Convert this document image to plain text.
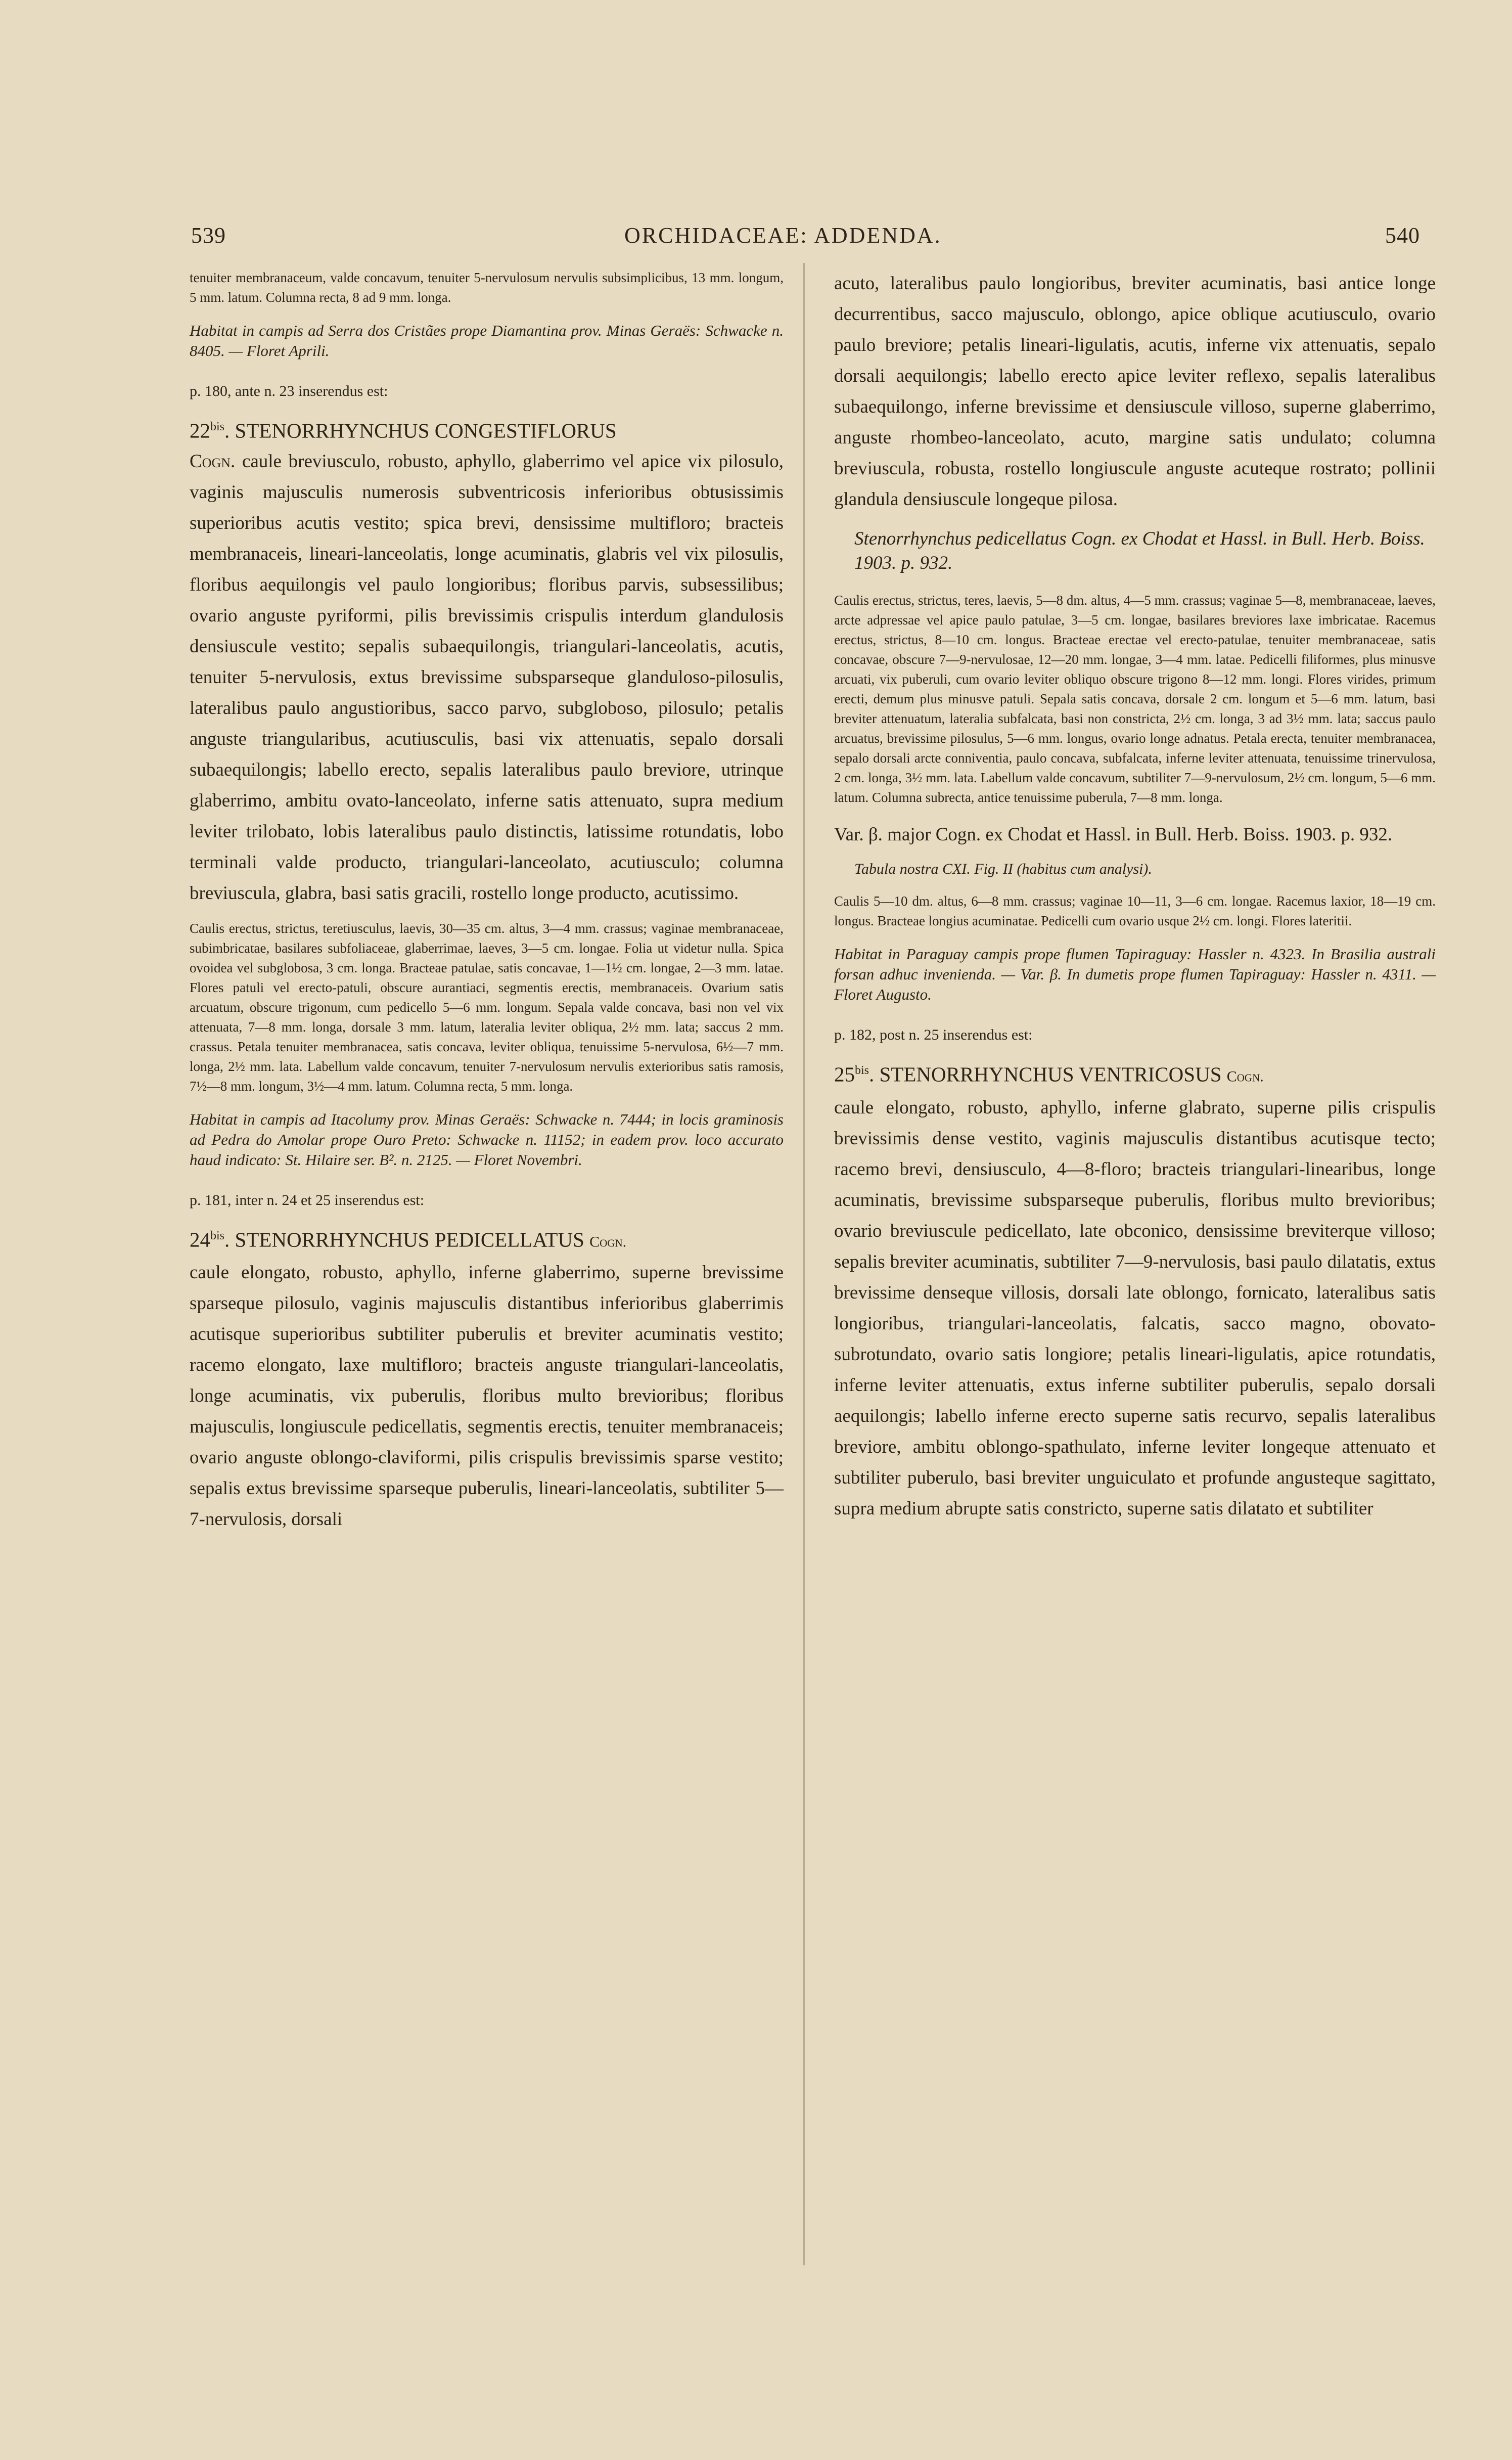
539	ORCHIDACEAE: ADDENDA.	540

tenuiter membranaceum, valde concavum, tenuiter 5-nervulosum nervulis subsimplicibus, 13 mm. longum, 5 mm. latum. Columna recta, 8 ad 9 mm. longa.

Habitat in campis ad Serra dos Cristães prope Diamantina prov. Minas Geraës: Schwacke n. 8405. — Floret Aprili.

p. 180, ante n. 23 inserendus est:

$22^{bis}$. STENORRHYNCHUS CONGESTIFLORUS

Cogn. caule breviusculo, robusto, aphyllo, glaberrimo vel apice vix pilosulo, vaginis majusculis numerosis subventricosis inferioribus obtusissimis superioribus acutis vestito; spica brevi, densissime multifloro; bracteis membranaceis, lineari-lanceolatis, longe acuminatis, glabris vel vix pilosulis, floribus aequilongis vel paulo longioribus; floribus parvis, subsessilibus; ovario anguste pyriformi, pilis brevissimis crispulis interdum glandulosis densiuscule vestito; sepalis subaequilongis, triangulari-lanceolatis, acutis, tenuiter 5-nervulosis, extus brevissime subsparseque glanduloso-pilosulis, lateralibus paulo angustioribus, sacco parvo, subgloboso, pilosulo; petalis anguste triangularibus, acutiusculis, basi vix attenuatis, sepalo dorsali subaequilongis; labello erecto, sepalis lateralibus paulo breviore, utrinque glaberrimo, ambitu ovato-lanceolato, inferne satis attenuato, supra medium leviter trilobato, lobis lateralibus paulo distinctis, latissime rotundatis, lobo terminali valde producto, triangulari-lanceolato, acutiusculo; columna breviuscula, glabra, basi satis gracili, rostello longe producto, acutissimo.

Caulis erectus, strictus, teretiusculus, laevis, 30—35 cm. altus, 3—4 mm. crassus; vaginae membranaceae, subimbricatae, basilares subfoliaceae, glaberrimae, laeves, 3—5 cm. longae. Folia ut videtur nulla. Spica ovoidea vel subglobosa, 3 cm. longa. Bracteae patulae, satis concavae, 1—1½ cm. longae, 2—3 mm. latae. Flores patuli vel erecto-patuli, obscure aurantiaci, segmentis erectis, membranaceis. Ovarium satis arcuatum, obscure trigonum, cum pedicello 5—6 mm. longum. Sepala valde concava, basi non vel vix attenuata, 7—8 mm. longa, dorsale 3 mm. latum, lateralia leviter obliqua, 2½ mm. lata; saccus 2 mm. crassus. Petala tenuiter membranacea, satis concava, leviter obliqua, tenuissime 5-nervulosa, 6½—7 mm. longa, 2½ mm. lata. Labellum valde concavum, tenuiter 7-nervulosum nervulis exterioribus satis ramosis, 7½—8 mm. longum, 3½—4 mm. latum. Columna recta, 5 mm. longa.

Habitat in campis ad Itacolumy prov. Minas Geraës: Schwacke n. 7444; in locis graminosis ad Pedra do Amolar prope Ouro Preto: Schwacke n. 11152; in eadem prov. loco accurato haud indicato: St. Hilaire ser. B². n. 2125. — Floret Novembri.

p. 181, inter n. 24 et 25 inserendus est:

$24^{bis}$. STENORRHYNCHUS PEDICELLATUS Cogn.

caule elongato, robusto, aphyllo, inferne glaberrimo, superne brevissime sparseque pilosulo, vaginis majusculis distantibus inferioribus glaberrimis acutisque superioribus subtiliter puberulis et breviter acuminatis vestito; racemo elongato, laxe multifloro; bracteis anguste triangulari-lanceolatis, longe acuminatis, vix puberulis, floribus multo brevioribus; floribus majusculis, longiuscule pedicellatis, segmentis erectis, tenuiter membranaceis; ovario anguste oblongo-claviformi, pilis crispulis brevissimis sparse vestito; sepalis extus brevissime sparseque puberulis, lineari-lanceolatis, subtiliter 5—7-nervulosis, dorsali

acuto, lateralibus paulo longioribus, breviter acuminatis, basi antice longe decurrentibus, sacco majusculo, oblongo, apice oblique acutiusculo, ovario paulo breviore; petalis lineari-ligulatis, acutis, inferne vix attenuatis, sepalo dorsali aequilongis; labello erecto apice leviter reflexo, sepalis lateralibus subaequilongo, inferne brevissime et densiuscule villoso, superne glaberrimo, anguste rhombeo-lanceolato, acuto, margine satis undulato; columna breviuscula, robusta, rostello longiuscule anguste acuteque rostrato; pollinii glandula densiuscule longeque pilosa.

Stenorrhynchus pedicellatus Cogn. ex Chodat et Hassl. in Bull. Herb. Boiss. 1903. p. 932.

Caulis erectus, strictus, teres, laevis, 5—8 dm. altus, 4—5 mm. crassus; vaginae 5—8, membranaceae, laeves, arcte adpressae vel apice paulo patulae, 3—5 cm. longae, basilares breviores laxe imbricatae. Racemus erectus, strictus, 8—10 cm. longus. Bracteae erectae vel erecto-patulae, tenuiter membranaceae, satis concavae, obscure 7—9-nervulosae, 12—20 mm. longae, 3—4 mm. latae. Pedicelli filiformes, plus minusve arcuati, vix puberuli, cum ovario leviter obliquo obscure trigono 8—12 mm. longi. Flores virides, primum erecti, demum plus minusve patuli. Sepala satis concava, dorsale 2 cm. longum et 5—6 mm. latum, basi breviter attenuatum, lateralia subfalcata, basi non constricta, 2½ cm. longa, 3 ad 3½ mm. lata; saccus paulo arcuatus, brevissime pilosulus, 5—6 mm. longus, ovario longe adnatus. Petala erecta, tenuiter membranacea, sepalo dorsali arcte conniventia, paulo concava, subfalcata, inferne leviter attenuata, tenuissime trinervulosa, 2 cm. longa, 3½ mm. lata. Labellum valde concavum, subtiliter 7—9-nervulosum, 2½ cm. longum, 5—6 mm. latum. Columna subrecta, antice tenuissime puberula, 7—8 mm. longa.

Var. β. major Cogn. ex Chodat et Hassl. in Bull. Herb. Boiss. 1903. p. 932.

Tabula nostra CXI. Fig. II (habitus cum analysi).

Caulis 5—10 dm. altus, 6—8 mm. crassus; vaginae 10—11, 3—6 cm. longae. Racemus laxior, 18—19 cm. longus. Bracteae longius acuminatae. Pedicelli cum ovario usque 2½ cm. longi. Flores lateritii.

Habitat in Paraguay campis prope flumen Tapiraguay: Hassler n. 4323. In Brasilia australi forsan adhuc invenienda. — Var. β. In dumetis prope flumen Tapiraguay: Hassler n. 4311. — Floret Augusto.

p. 182, post n. 25 inserendus est:

$25^{bis}$. STENORRHYNCHUS VENTRICOSUS Cogn.

caule elongato, robusto, aphyllo, inferne glabrato, superne pilis crispulis brevissimis dense vestito, vaginis majusculis distantibus acutisque tecto; racemo brevi, densiusculo, 4—8-floro; bracteis triangulari-linearibus, longe acuminatis, brevissime subsparseque puberulis, floribus multo brevioribus; ovario breviuscule pedicellato, late obconico, densissime breviterque villoso; sepalis breviter acuminatis, subtiliter 7—9-nervulosis, basi paulo dilatatis, extus brevissime denseque villosis, dorsali late oblongo, fornicato, lateralibus satis longioribus, triangulari-lanceolatis, falcatis, sacco magno, obovato-subrotundato, ovario satis longiore; petalis lineari-ligulatis, apice rotundatis, inferne leviter attenuatis, extus inferne subtiliter puberulis, sepalo dorsali aequilongis; labello inferne erecto superne satis recurvo, sepalis lateralibus breviore, ambitu oblongo-spathulato, inferne leviter longeque attenuato et subtiliter puberulo, basi breviter unguiculato et profunde angusteque sagittato, supra medium abrupte satis constricto, superne satis dilatato et subtiliter
